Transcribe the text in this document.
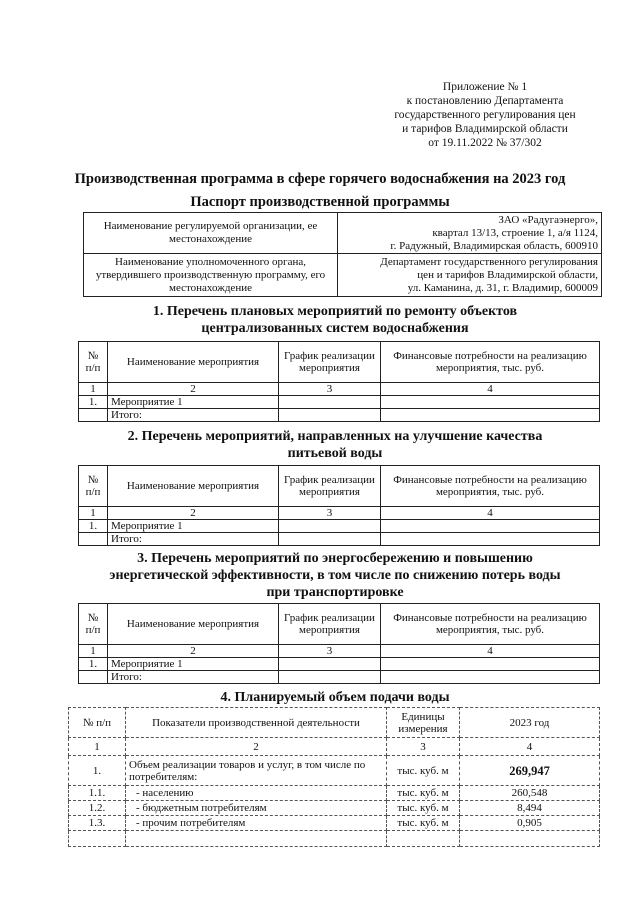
Приложение № 1
к постановлению Департамента
государственного регулирования цен
и тарифов Владимирской области
от 19.11.2022 № 37/302
Производственная программа в сфере горячего водоснабжения на 2023 год
Паспорт производственной программы
Наименование регулируемой организации, ее местонахождение	ЗАО «Радугаэнерго»,
квартал 13/13, строение 1, а/я 1124,
г. Радужный, Владимирская область, 600910

Наименование уполномоченного органа, утвердившего производственную программу, его местонахождение	Департамент государственного регулирования
цен и тарифов Владимирской области,
ул. Каманина, д. 31, г. Владимир, 600009
1. Перечень плановых мероприятий по ремонту объектов
централизованных систем водоснабжения
№ п/п	Наименование мероприятия	График реализации мероприятия	Финансовые потребности на реализацию мероприятия, тыс. руб.
1	2	3	4
1.	Мероприятие 1		
	Итого:		
2. Перечень мероприятий, направленных на улучшение качества
питьевой воды
№ п/п	Наименование мероприятия	График реализации мероприятия	Финансовые потребности на реализацию мероприятия, тыс. руб.
1	2	3	4
1.	Мероприятие 1		
	Итого:		
3. Перечень мероприятий по энергосбережению и повышению
энергетической эффективности, в том числе по снижению потерь воды
при транспортировке
№ п/п	Наименование мероприятия	График реализации мероприятия	Финансовые потребности на реализацию мероприятия, тыс. руб.
1	2	3	4
1.	Мероприятие 1		
	Итого:		
4. Планируемый объем подачи воды
№ п/п	Показатели производственной деятельности	Единицы измерения	2023 год
1	2	3	4
1.	Объем реализации товаров и услуг, в том числе по потребителям:	тыс. куб. м	269,947
1.1.	- населению	тыс. куб. м	260,548
1.2.	- бюджетным потребителям	тыс. куб. м	8,494
1.3.	- прочим потребителям	тыс. куб. м	0,905
